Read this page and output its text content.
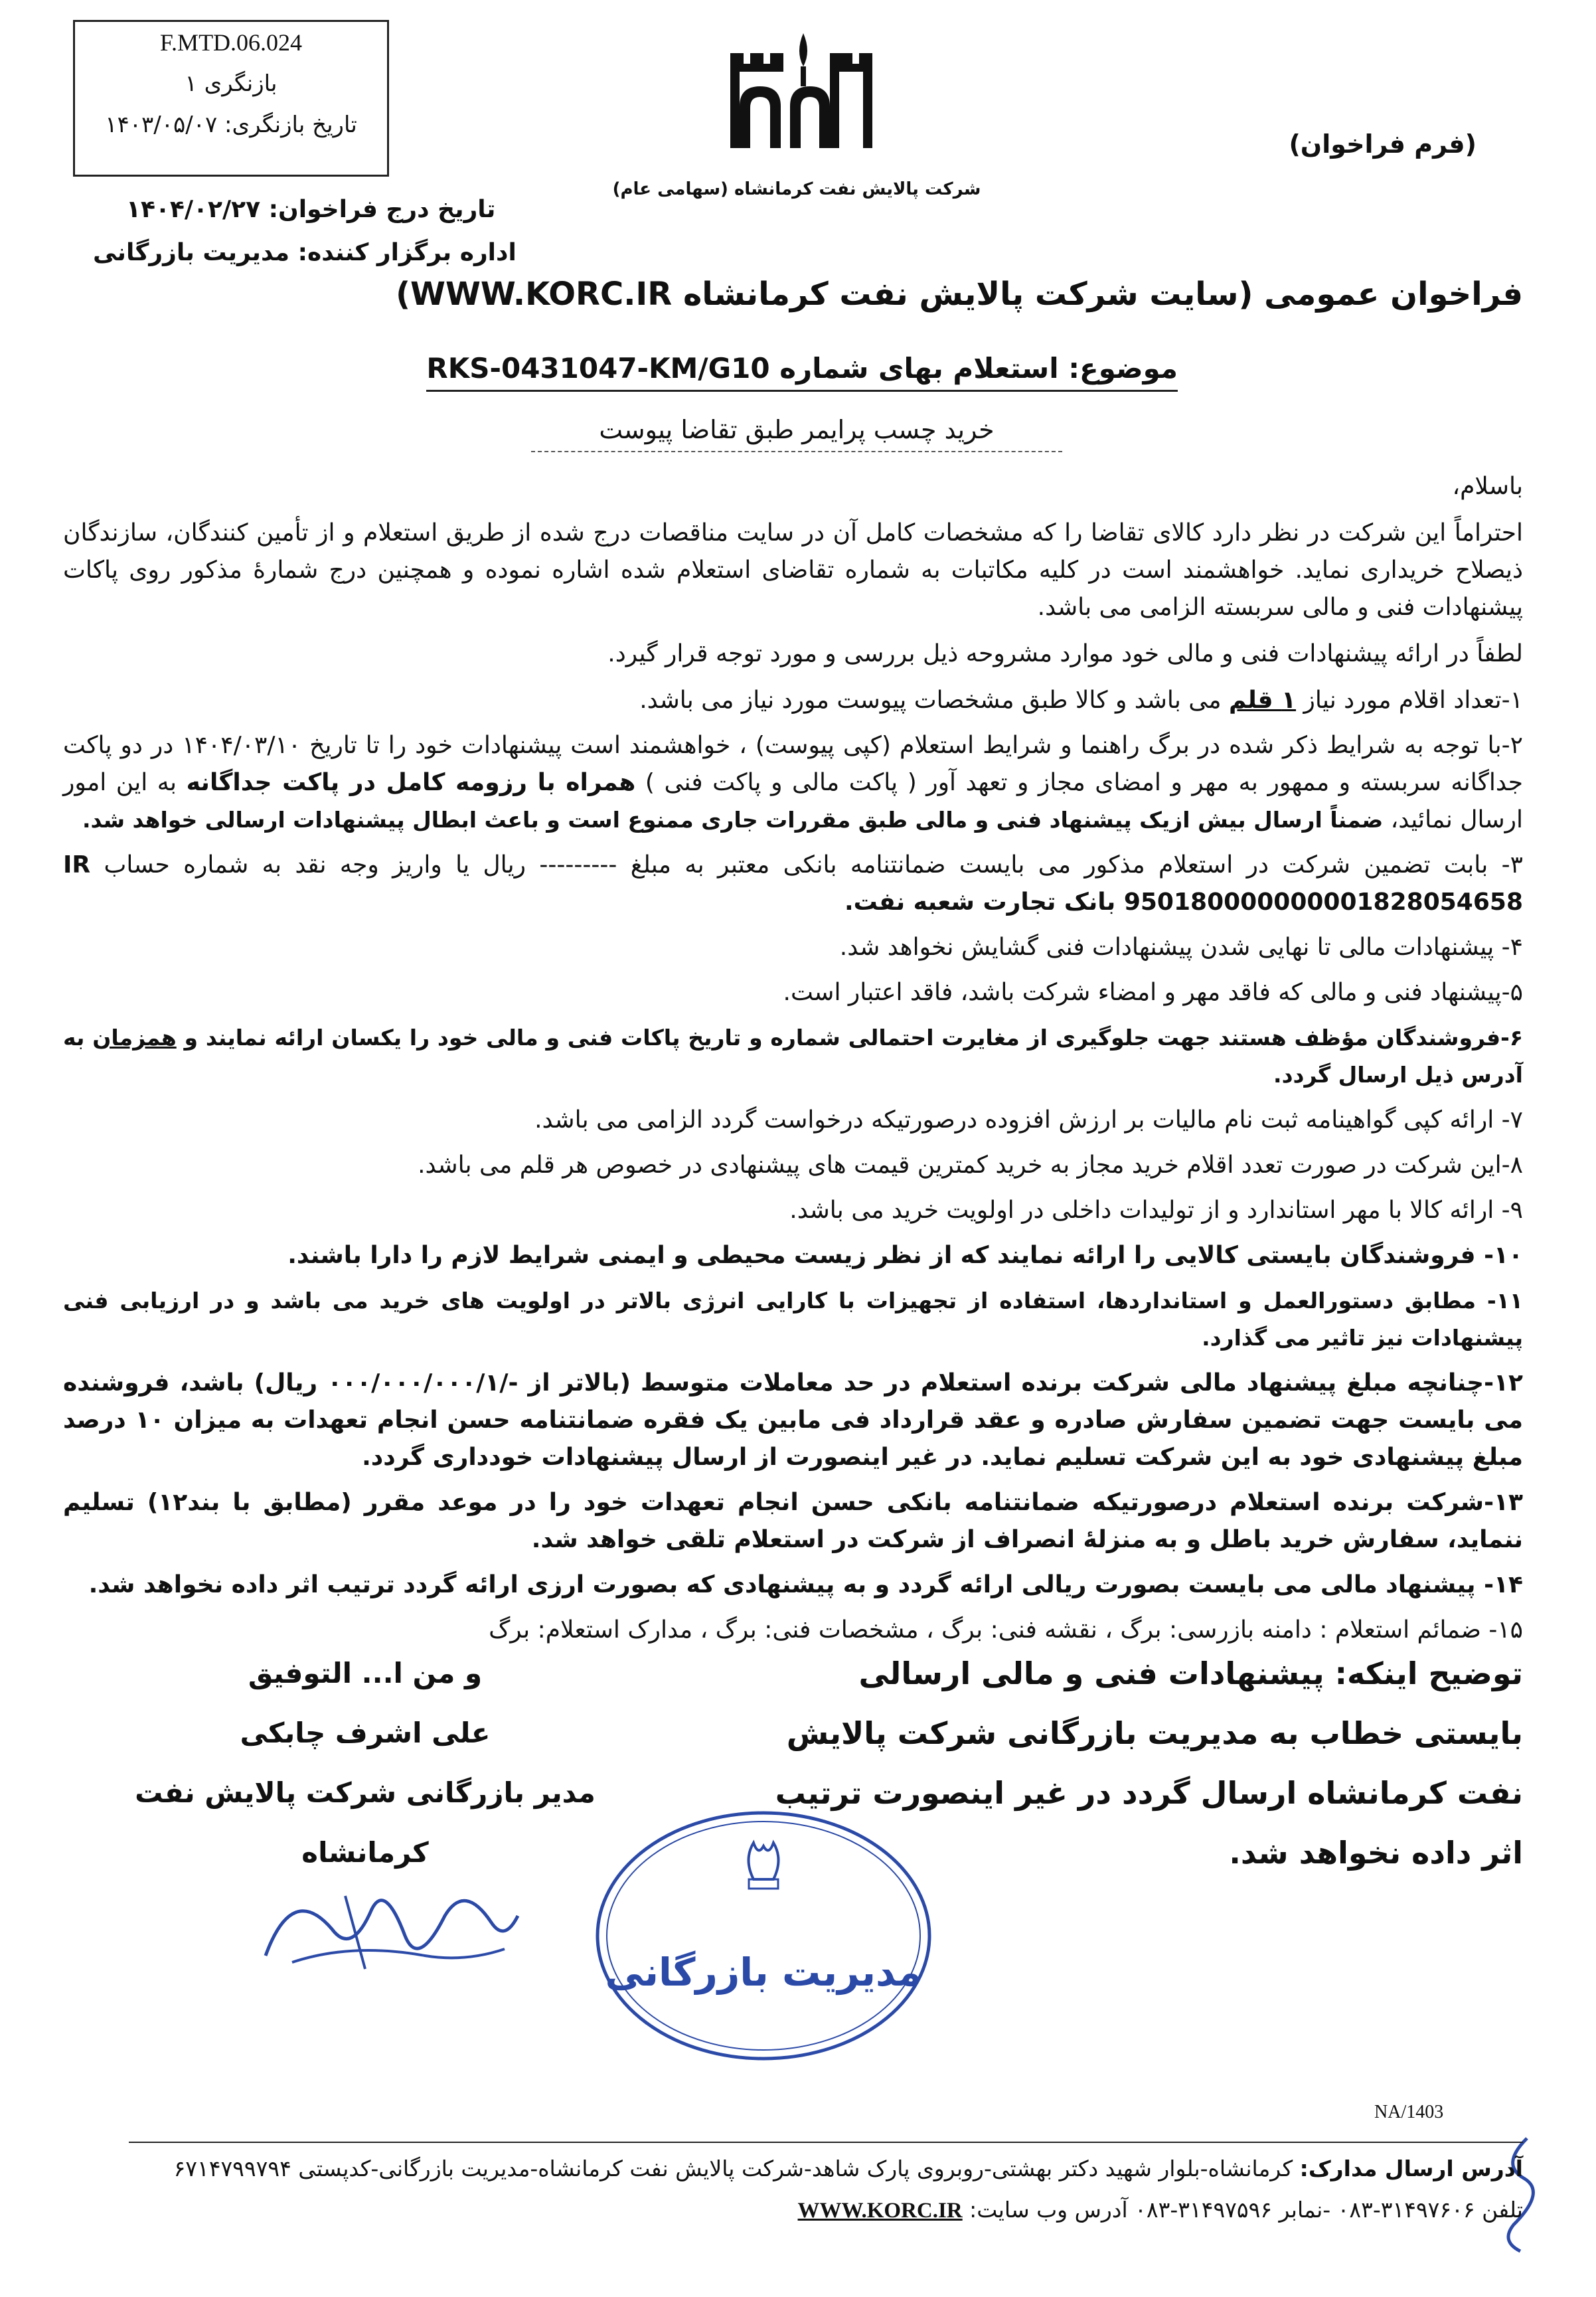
F.MTD.06.024
بازنگری ۱
تاریخ بازنگری: ۱۴۰۳/۰۵/۰۷
شرکت پالایش نفت کرمانشاه (سهامی عام)
(فرم فراخوان)
تاریخ درج فراخوان: ۱۴۰۴/۰۲/۲۷
اداره برگزار کننده: مدیریت بازرگانی
فراخوان عمومی (سایت شرکت پالایش نفت کرمانشاه WWW.KORC.IR)
موضوع: استعلام بهای شماره RKS-0431047-KM/G10
خرید چسب پرایمر طبق تقاضا پیوست

باسلام،

احتراماً این شرکت در نظر دارد کالای تقاضا را که مشخصات کامل آن در سایت مناقصات درج شده از طریق استعلام و از تأمین کنندگان، سازندگان ذیصلاح خریداری نماید. خواهشمند است در کلیه مکاتبات به شماره تقاضای استعلام شده اشاره نموده و همچنین درج شمارۀ مذکور روی پاکات پیشنهادات فنی و مالی سربسته الزامی می باشد.

لطفاً در ارائه پیشنهادات فنی و مالی خود موارد مشروحه ذیل بررسی و مورد توجه قرار گیرد.

۱-تعداد اقلام مورد نیاز ۱ قلم می باشد و کالا طبق مشخصات پیوست مورد نیاز می باشد.
۲-با توجه به شرایط ذکر شده در برگ راهنما و شرایط استعلام (کپی پیوست) ، خواهشمند است پیشنهادات خود را تا تاریخ ۱۴۰۴/۰۳/۱۰ در دو پاکت جداگانه سربسته و ممهور به مهر و امضای مجاز و تعهد آور ( پاکت مالی و پاکت فنی ) همراه با رزومه کامل در پاکت جداگانه به این امور ارسال نمائید، ضمناً ارسال بیش ازیک پیشنهاد فنی و مالی طبق مقررات جاری ممنوع است و باعث ابطال پیشنهادات ارسالی خواهد شد.
۳- بابت تضمین شرکت در استعلام مذکور می بایست ضمانتنامه بانکی معتبر به مبلغ --------- ریال یا واریز وجه نقد به شماره حساب IR 950180000000001828054658 بانک تجارت شعبه نفت.
۴- پیشنهادات مالی تا نهایی شدن پیشنهادات فنی گشایش نخواهد شد.
۵-پیشنهاد فنی و مالی که فاقد مهر و امضاء شرکت باشد، فاقد اعتبار است.
۶-فروشندگان مؤظف هستند جهت جلوگیری از مغایرت احتمالی شماره و تاریخ پاکات فنی و مالی خود را یکسان ارائه نمایند و همزمان به آدرس ذیل ارسال گردد.
۷- ارائه کپی گواهینامه ثبت نام مالیات بر ارزش افزوده درصورتیکه درخواست گردد الزامی می باشد.
۸-این شرکت در صورت تعدد اقلام خرید مجاز به خرید کمترین قیمت های پیشنهادی در خصوص هر قلم می باشد.
۹- ارائه کالا با مهر استاندارد و از تولیدات داخلی در اولویت خرید می باشد.
۱۰- فروشندگان بایستی کالایی را ارائه نمایند که از نظر زیست محیطی و ایمنی شرایط لازم را دارا باشند.
۱۱- مطابق دستورالعمل و استانداردها، استفاده از تجهیزات با کارایی انرژی بالاتر در اولویت های خرید می باشد و در ارزیابی فنی پیشنهادات نیز تاثیر می گذارد.
۱۲-چنانچه مبلغ پیشنهاد مالی شرکت برنده استعلام در حد معاملات متوسط (بالاتر از -/۰۰۰/۰۰۰/۰۰۰/۱ ریال) باشد، فروشنده می بایست جهت تضمین سفارش صادره و عقد قرارداد فی مابین یک فقره ضمانتنامه حسن انجام تعهدات به میزان ۱۰ درصد مبلغ پیشنهادی خود به این شرکت تسلیم نماید. در غیر اینصورت از ارسال پیشنهادات خودداری گردد.
۱۳-شرکت برنده استعلام درصورتیکه ضمانتنامه بانکی حسن انجام تعهدات خود را در موعد مقرر (مطابق با بند۱۲) تسلیم ننماید، سفارش خرید باطل و به منزلۀ انصراف از شرکت در استعلام تلقی خواهد شد.
۱۴- پیشنهاد مالی می بایست بصورت ریالی ارائه گردد و به پیشنهادی که بصورت ارزی ارائه گردد ترتیب اثر داده نخواهد شد.
۱۵- ضمائم استعلام : دامنه بازرسی: برگ ، نقشه فنی: برگ ، مشخصات فنی: برگ ، مدارک استعلام: برگ
توضیح اینکه: پیشنهادات فنی و مالی ارسالی بایستی خطاب به مدیریت بازرگانی شرکت پالایش نفت کرمانشاه ارسال گردد در غیر اینصورت ترتیب اثر داده نخواهد شد.
و من ا... التوفیق
علی اشرف چابکی
مدیر بازرگانی شرکت پالایش نفت کرمانشاه
مدیریت بازرگانی
NA/1403
آدرس ارسال مدارک: کرمانشاه-بلوار شهید دکتر بهشتی-روبروی پارک شاهد-شرکت پالایش نفت کرمانشاه-مدیریت بازرگانی-کدپستی ۶۷۱۴۷۹۹۷۹۴
تلفن ۳۱۴۹۷۶۰۶-۰۸۳ -نمابر ۳۱۴۹۷۵۹۶-۰۸۳ آدرس وب سایت: WWW.KORC.IR
